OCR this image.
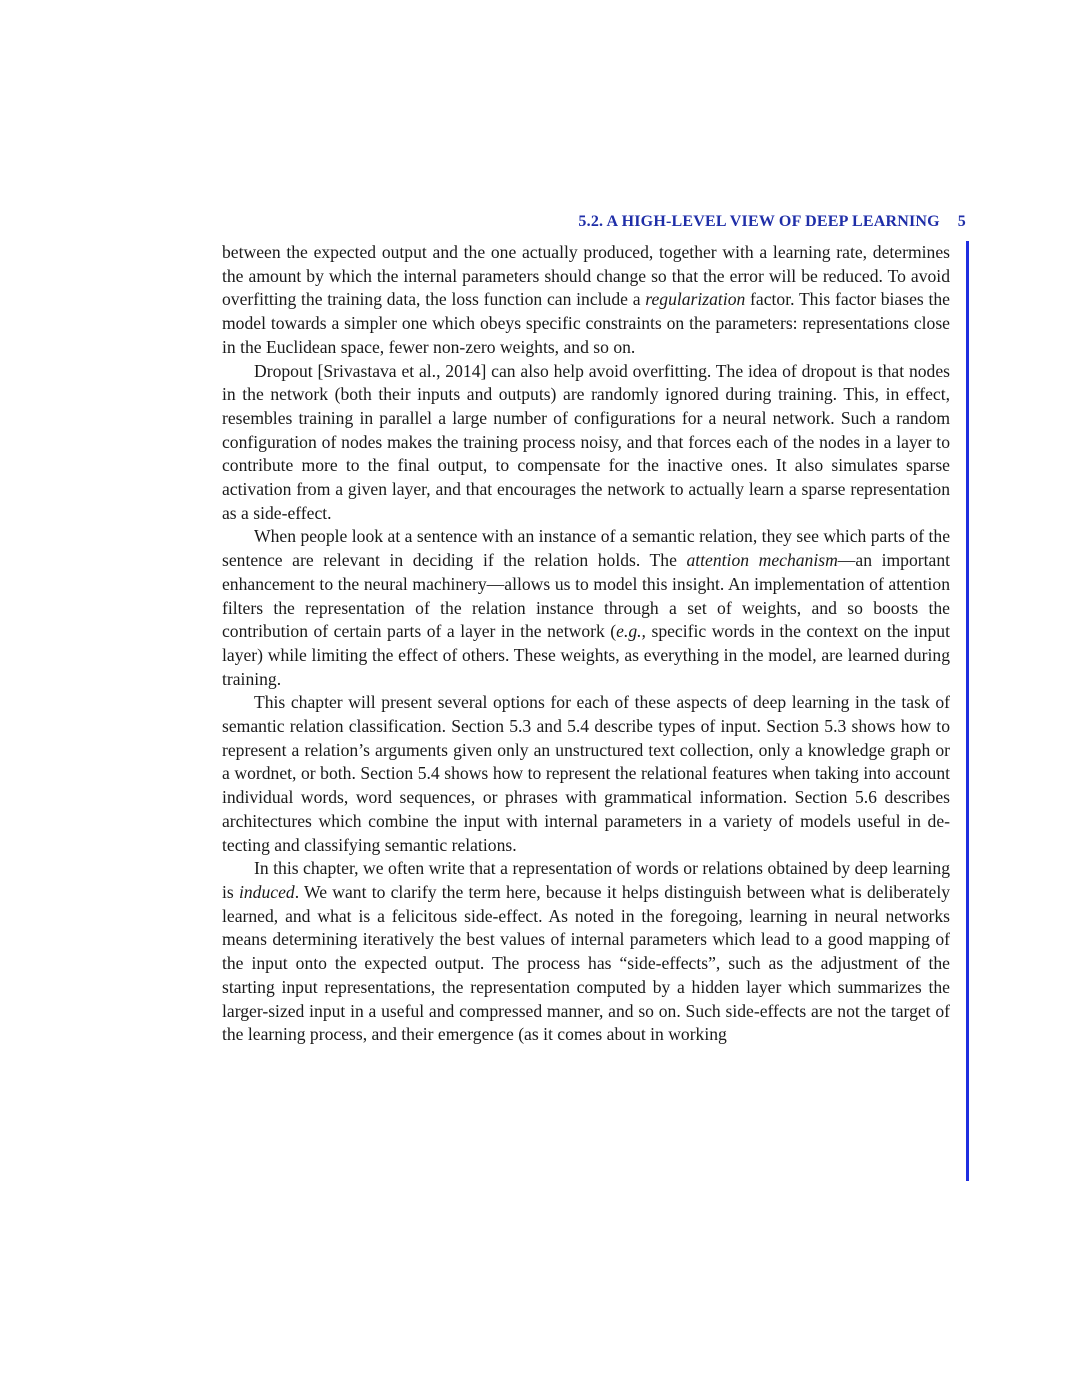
5.2. A HIGH-LEVEL VIEW OF DEEP LEARNING 5

between the expected output and the one actually produced, together with a learning rate, determines the amount by which the internal parameters should change so that the error will be reduced. To avoid overfitting the training data, the loss function can include a regularization factor. This factor biases the model towards a simpler one which obeys specific constraints on the parameters: representations close in the Euclidean space, fewer non-zero weights, and so on.

Dropout [Srivastava et al., 2014] can also help avoid overfitting. The idea of dropout is that nodes in the network (both their inputs and outputs) are randomly ignored during training. This, in effect, resembles training in parallel a large number of configurations for a neural network. Such a random configuration of nodes makes the training process noisy, and that forces each of the nodes in a layer to contribute more to the final output, to compensate for the inactive ones. It also simulates sparse activation from a given layer, and that encourages the network to actually learn a sparse representation as a side-effect.

When people look at a sentence with an instance of a semantic relation, they see which parts of the sentence are relevant in deciding if the relation holds. The attention mechanism—an important enhancement to the neural machinery—allows us to model this insight. An implementation of attention filters the representation of the relation instance through a set of weights, and so boosts the contribution of certain parts of a layer in the network (e.g., specific words in the context on the input layer) while limiting the effect of others. These weights, as everything in the model, are learned during training.

This chapter will present several options for each of these aspects of deep learning in the task of semantic relation classification. Section 5.3 and 5.4 describe types of input. Section 5.3 shows how to represent a relation’s arguments given only an unstructured text collection, only a knowledge graph or a wordnet, or both. Section 5.4 shows how to represent the relational features when taking into account individual words, word sequences, or phrases with grammatical information. Section 5.6 describes architectures which combine the input with internal parameters in a variety of models useful in de-tecting and classifying semantic relations.

In this chapter, we often write that a representation of words or relations obtained by deep learning is induced. We want to clarify the term here, because it helps distinguish between what is deliberately learned, and what is a felicitous side-effect. As noted in the foregoing, learning in neural networks means determining iteratively the best values of internal parameters which lead to a good mapping of the input onto the expected output. The process has “side-effects”, such as the adjustment of the starting input representations, the representation computed by a hidden layer which summarizes the larger-sized input in a useful and compressed manner, and so on. Such side-effects are not the target of the learning process, and their emergence (as it comes about in working
